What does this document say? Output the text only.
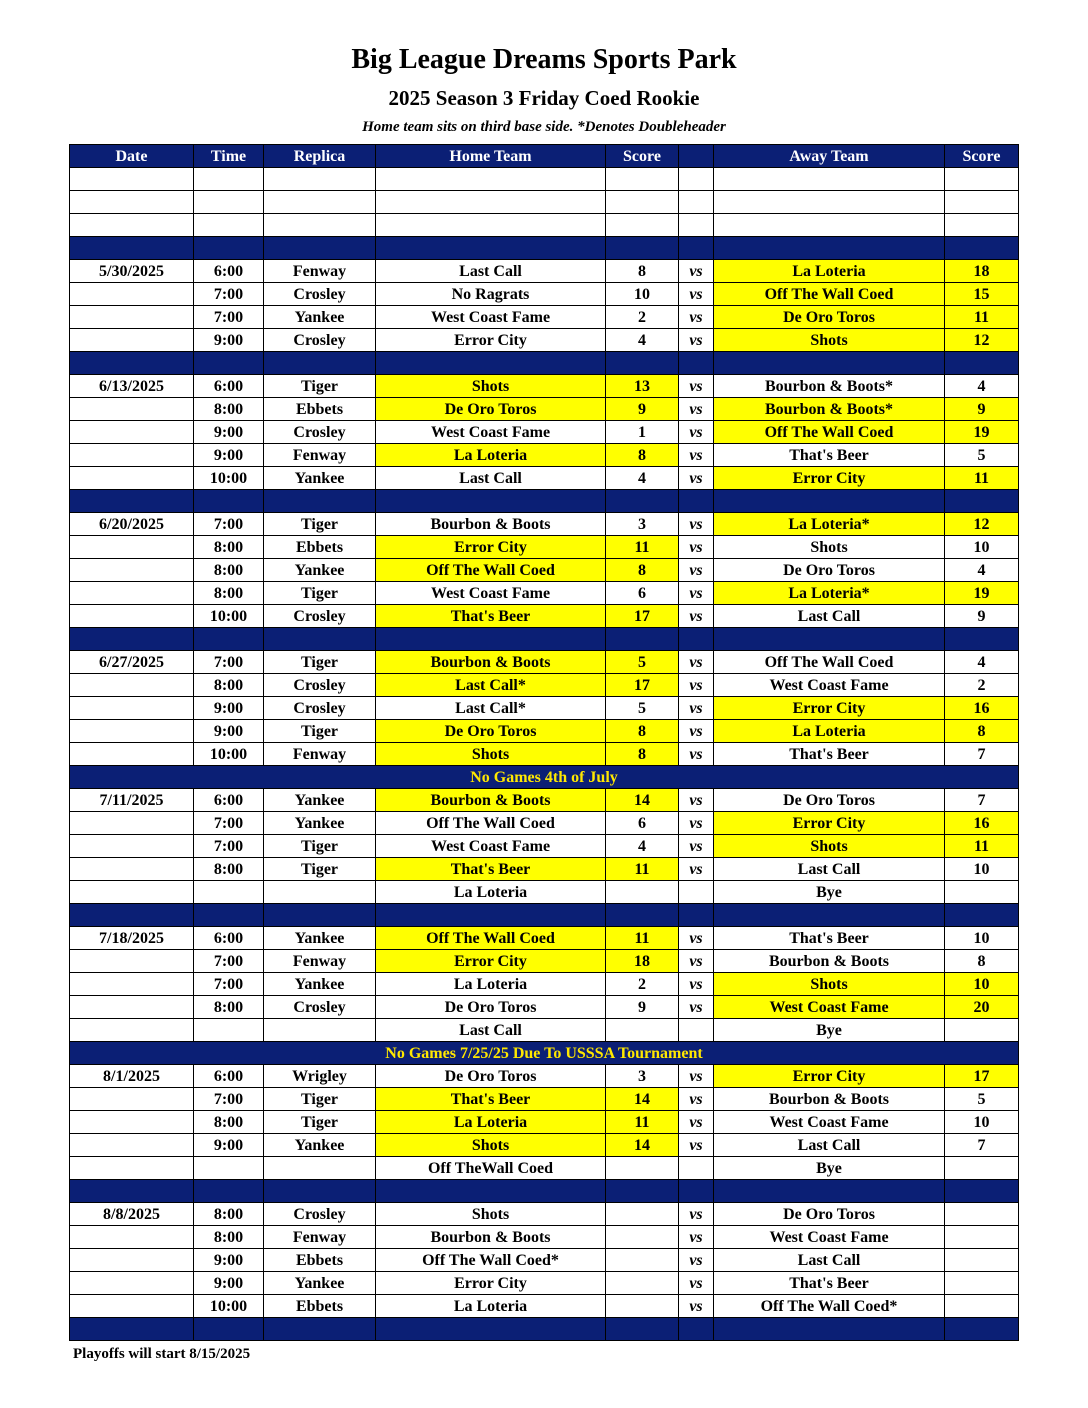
Big League Dreams Sports Park
2025 Season 3 Friday Coed Rookie
Home team sits on third base side. *Denotes Doubleheader
Date	Time	Replica	Home Team	Score		Away Team	Score

5/30/2025	6:00	Fenway	Last Call	8	vs	La Loteria	18
	7:00	Crosley	No Ragrats	10	vs	Off The Wall Coed	15
	7:00	Yankee	West Coast Fame	2	vs	De Oro Toros	11
	9:00	Crosley	Error City	4	vs	Shots	12

6/13/2025	6:00	Tiger	Shots	13	vs	Bourbon & Boots*	4
	8:00	Ebbets	De Oro Toros	9	vs	Bourbon & Boots*	9
	9:00	Crosley	West Coast Fame	1	vs	Off The Wall Coed	19
	9:00	Fenway	La Loteria	8	vs	That's Beer	5
	10:00	Yankee	Last Call	4	vs	Error City	11

6/20/2025	7:00	Tiger	Bourbon & Boots	3	vs	La Loteria*	12
	8:00	Ebbets	Error City	11	vs	Shots	10
	8:00	Yankee	Off The Wall Coed	8	vs	De Oro Toros	4
	8:00	Tiger	West Coast Fame	6	vs	La Loteria*	19
	10:00	Crosley	That's Beer	17	vs	Last Call	9

6/27/2025	7:00	Tiger	Bourbon & Boots	5	vs	Off The Wall Coed	4
	8:00	Crosley	Last Call*	17	vs	West Coast Fame	2
	9:00	Crosley	Last Call*	5	vs	Error City	16
	9:00	Tiger	De Oro Toros	8	vs	La Loteria	8
	10:00	Fenway	Shots	8	vs	That's Beer	7
No Games 4th of July							
7/11/2025	6:00	Yankee	Bourbon & Boots	14	vs	De Oro Toros	7
	7:00	Yankee	Off The Wall Coed	6	vs	Error City	16
	7:00	Tiger	West Coast Fame	4	vs	Shots	11
	8:00	Tiger	That's Beer	11	vs	Last Call	10
			La Loteria			Bye	

7/18/2025	6:00	Yankee	Off The Wall Coed	11	vs	That's Beer	10
	7:00	Fenway	Error City	18	vs	Bourbon & Boots	8
	7:00	Yankee	La Loteria	2	vs	Shots	10
	8:00	Crosley	De Oro Toros	9	vs	West Coast Fame	20
			Last Call			Bye	
No Games 7/25/25 Due To USSSA Tournament							
8/1/2025	6:00	Wrigley	De Oro Toros	3	vs	Error City	17
	7:00	Tiger	That's Beer	14	vs	Bourbon & Boots	5
	8:00	Tiger	La Loteria	11	vs	West Coast Fame	10
	9:00	Yankee	Shots	14	vs	Last Call	7
			Off TheWall Coed			Bye	

8/8/2025	8:00	Crosley	Shots		vs	De Oro Toros	
	8:00	Fenway	Bourbon & Boots		vs	West Coast Fame	
	9:00	Ebbets	Off The Wall Coed*		vs	Last Call	
	9:00	Yankee	Error City		vs	That's Beer	
	10:00	Ebbets	La Loteria		vs	Off The Wall Coed*	

Playoffs will start 8/15/2025
